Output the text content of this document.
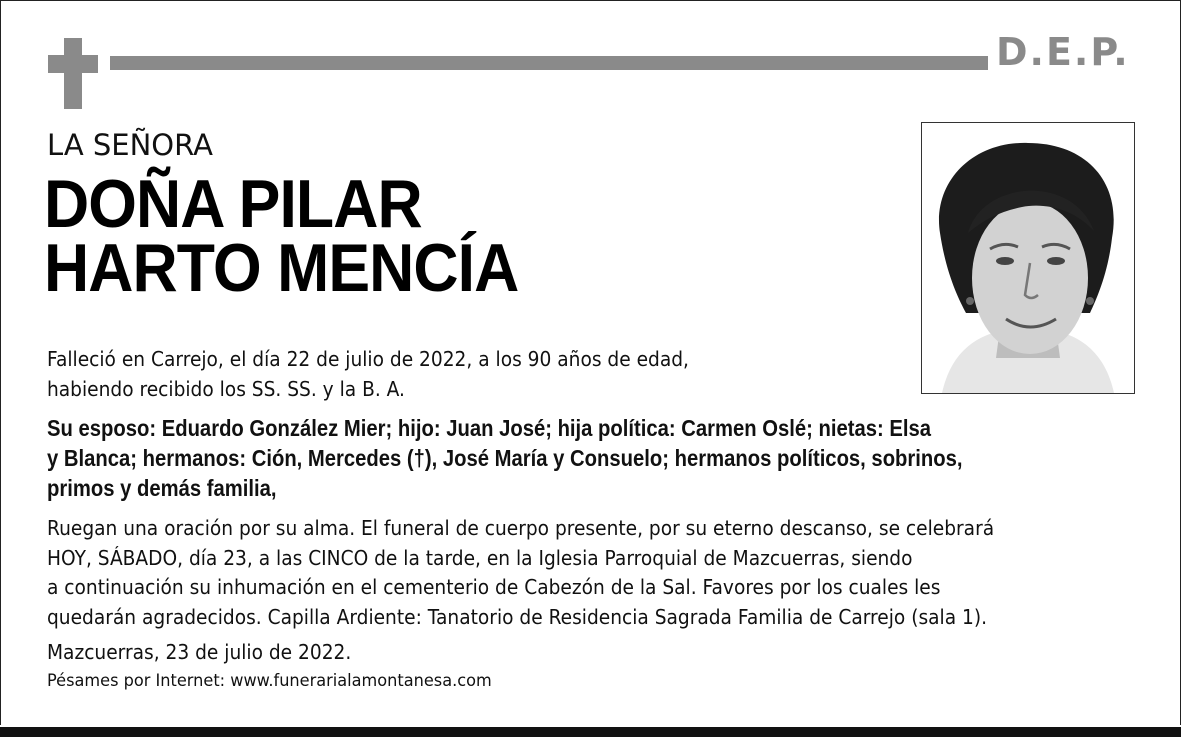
D.E.P.
LA SEÑORA
DOÑA PILAR
HARTO MENCÍA
Falleció en Carrejo, el día 22 de julio de 2022, a los 90 años de edad,
habiendo recibido los SS. SS. y la B. A.
Su esposo: Eduardo González Mier; hijo: Juan José; hija política: Carmen Oslé; nietas: Elsa
y Blanca; hermanos: Ción, Mercedes (†), José María y Consuelo; hermanos políticos, sobrinos,
primos y demás familia,
Ruegan una oración por su alma. El funeral de cuerpo presente, por su eterno descanso, se celebrará
HOY, SÁBADO, día 23, a las CINCO de la tarde, en la Iglesia Parroquial de Mazcuerras, siendo
a continuación su inhumación en el cementerio de Cabezón de la Sal. Favores por los cuales les
quedarán agradecidos. Capilla Ardiente: Tanatorio de Residencia Sagrada Familia de Carrejo (sala 1).
Mazcuerras, 23 de julio de 2022.
Pésames por Internet: www.funerarialamontanesa.com
